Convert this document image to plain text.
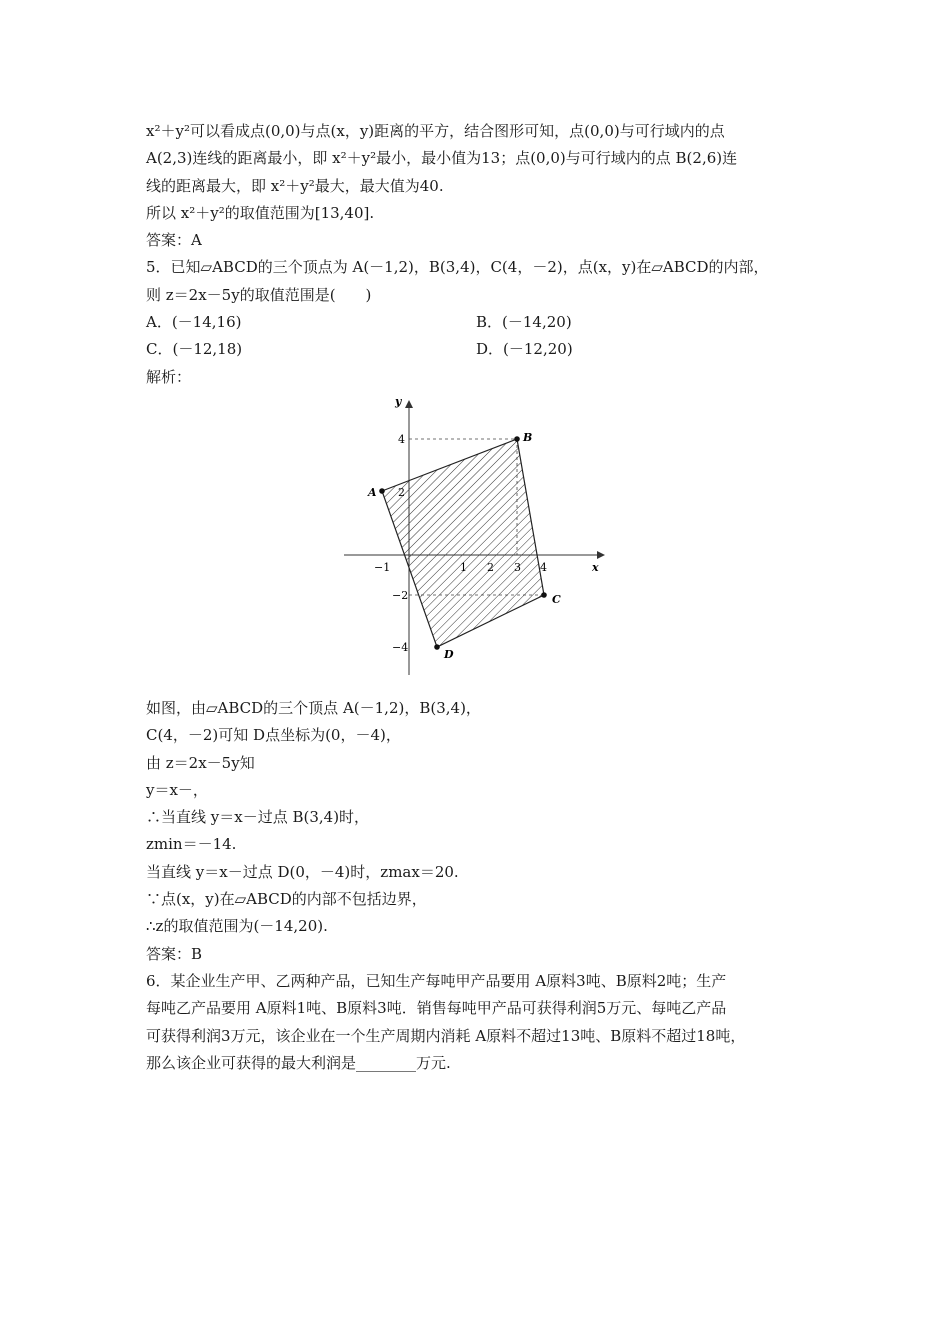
x²＋y²可以看成点(0,0)与点(x，y)距离的平方，结合图形可知，点(0,0)与可行域内的点
A(2,3)连线的距离最小，即 x²＋y²最小，最小值为13；点(0,0)与可行域内的点 B(2,6)连
线的距离最大，即 x²＋y²最大，最大值为40.
所以 x²＋y²的取值范围为[13,40].
答案：A
5．已知▱ABCD的三个顶点为 A(－1,2)，B(3,4)，C(4，－2)，点(x，y)在▱ABCD的内部，
则 z＝2x－5y的取值范围是(　　)
A．(－14,16)	B．(－14,20)
C．(－12,18)	D．(－12,20)
解析：
y
x
−1	1 2 3 4
4
2
−2
−4
A
B
C
D
如图，由▱ABCD的三个顶点 A(－1,2)，B(3,4)，
C(4，－2)可知 D点坐标为(0，－4)，
由 z＝2x－5y知
y＝x－，
∴当直线 y＝x－过点 B(3,4)时，
zmin＝－14.
当直线 y＝x－过点 D(0，－4)时，zmax＝20.
∵点(x，y)在▱ABCD的内部不包括边界，
∴z的取值范围为(－14,20).
答案：B
6．某企业生产甲、乙两种产品，已知生产每吨甲产品要用 A原料3吨、B原料2吨；生产
每吨乙产品要用 A原料1吨、B原料3吨．销售每吨甲产品可获得利润5万元、每吨乙产品
可获得利润3万元，该企业在一个生产周期内消耗 A原料不超过13吨、B原料不超过18吨，
那么该企业可获得的最大利润是________万元.
